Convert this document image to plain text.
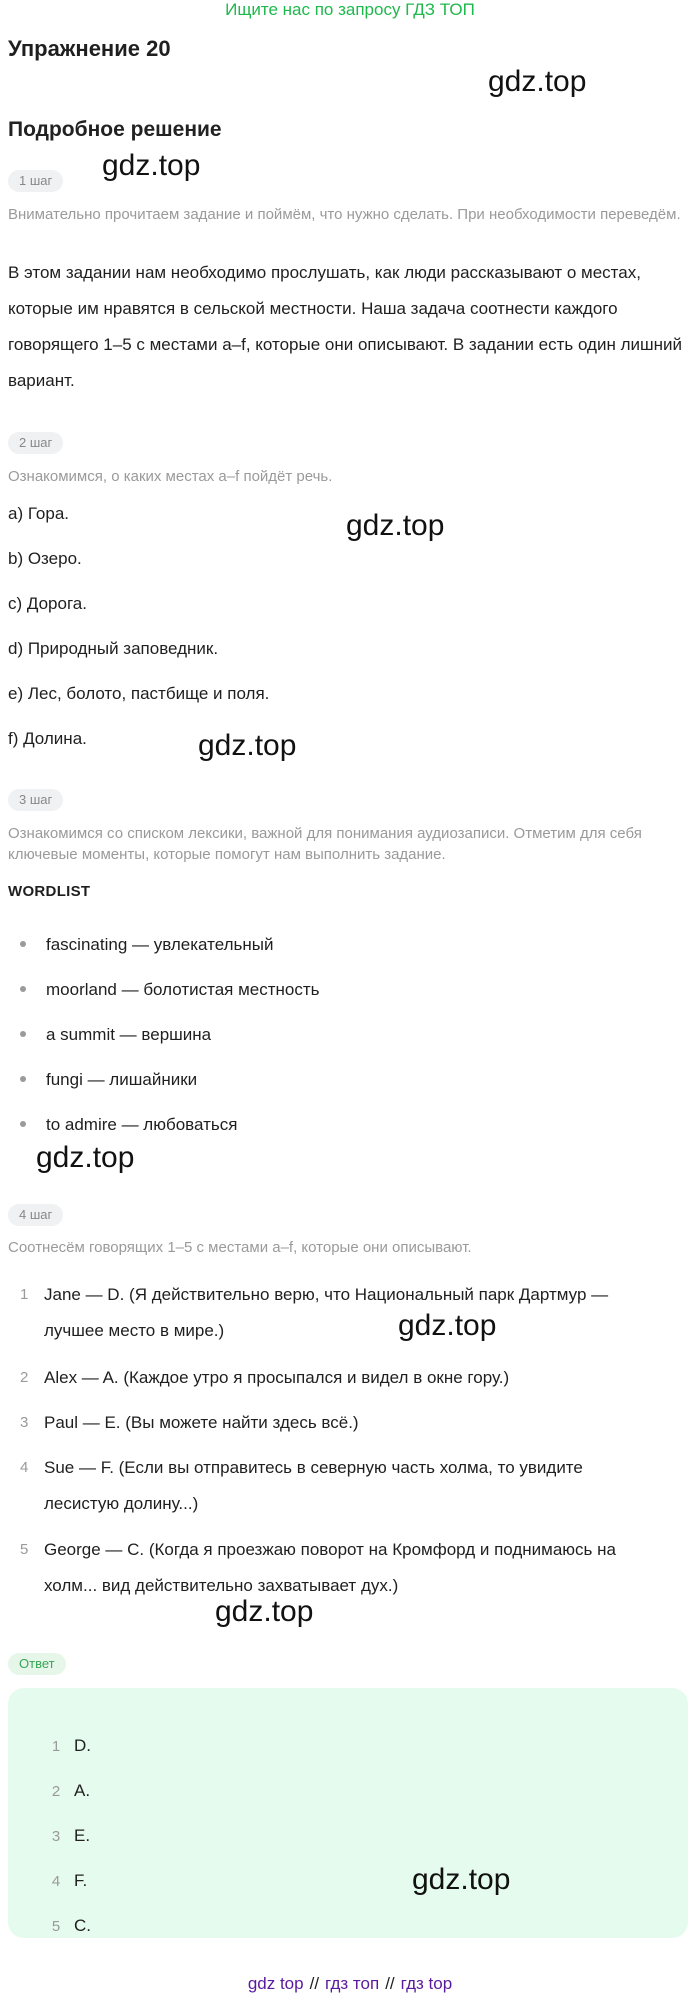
Ищите нас по запросу ГДЗ ТОП
Упражнение 20
gdz.top
Подробное решение
1 шаг	gdz.top
Внимательно прочитаем задание и поймём, что нужно сделать. При необходимости переведём.
В этом задании нам необходимо прослушать, как люди рассказывают о местах, которые им нравятся в сельской местности. Наша задача соотнести каждого говорящего 1–5 с местами a–f, которые они описывают. В задании есть один лишний вариант.
2 шаг
Ознакомимся, о каких местах a–f пойдёт речь.
a) Гора.	gdz.top
b) Озеро.
c) Дорога.
d) Природный заповедник.
e) Лес, болото, пастбище и поля.
f) Долина.	gdz.top
3 шаг
Ознакомимся со списком лексики, важной для понимания аудиозаписи. Отметим для себя ключевые моменты, которые помогут нам выполнить задание.
WORDLIST
fascinating — увлекательный
moorland — болотистая местность
a summit — вершина
fungi — лишайники
to admire — любоваться
gdz.top
4 шаг
Соотнесём говорящих 1–5 с местами a–f, которые они описывают.
1 Jane — D. (Я действительно верю, что Национальный парк Дартмур — лучшее место в мире.)	gdz.top
2 Alex — A. (Каждое утро я просыпался и видел в окне гору.)
3 Paul — E. (Вы можете найти здесь всё.)
4 Sue — F. (Если вы отправитесь в северную часть холма, то увидите лесистую долину...)
5 George — C. (Когда я проезжаю поворот на Кромфорд и поднимаюсь на холм... вид действительно захватывает дух.)
gdz.top
Ответ
1 D.
2 A.
3 E.
4 F.	gdz.top
5 C.
gdz top // гдз топ // гдз top
